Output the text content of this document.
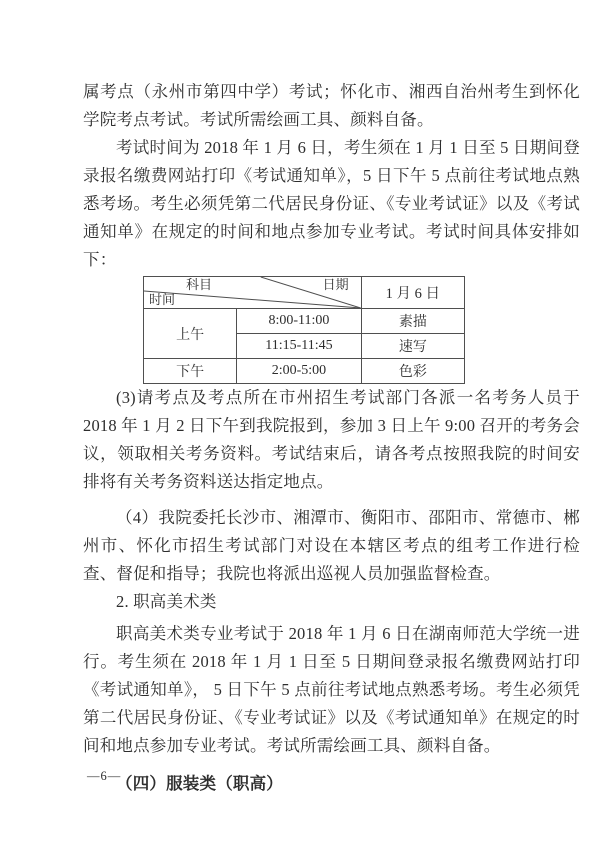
属考点（永州市第四中学）考试；怀化市、湘西自治州考生到怀化学院考点考试。考试所需绘画工具、颜料自备。

考试时间为 2018 年 1 月 6 日，考生须在 1 月 1 日至 5 日期间登录报名缴费网站打印《考试通知单》，5 日下午 5 点前往考试地点熟悉考场。考生必须凭第二代居民身份证、《专业考试证》以及《考试通知单》在规定的时间和地点参加专业考试。考试时间具体安排如下：

科目 日期
时间		1 月 6 日
上午	8:00-11:00	素描
	11:15-11:45	速写
下午	2:00-5:00	色彩

(3)请考点及考点所在市州招生考试部门各派一名考务人员于 2018 年 1 月 2 日下午到我院报到，参加 3 日上午 9:00 召开的考务会议，领取相关考务资料。考试结束后，请各考点按照我院的时间安排将有关考务资料送达指定地点。

（4）我院委托长沙市、湘潭市、衡阳市、邵阳市、常德市、郴州市、怀化市招生考试部门对设在本辖区考点的组考工作进行检查、督促和指导；我院也将派出巡视人员加强监督检查。

2. 职高美术类

职高美术类专业考试于 2018 年 1 月 6 日在湖南师范大学统一进行。考生须在 2018 年 1 月 1 日至 5 日期间登录报名缴费网站打印《考试通知单》， 5 日下午 5 点前往考试地点熟悉考场。考生必须凭第二代居民身份证、《专业考试证》以及《考试通知单》在规定的时间和地点参加专业考试。考试所需绘画工具、颜料自备。

（四）服装类（职高）

—6—
